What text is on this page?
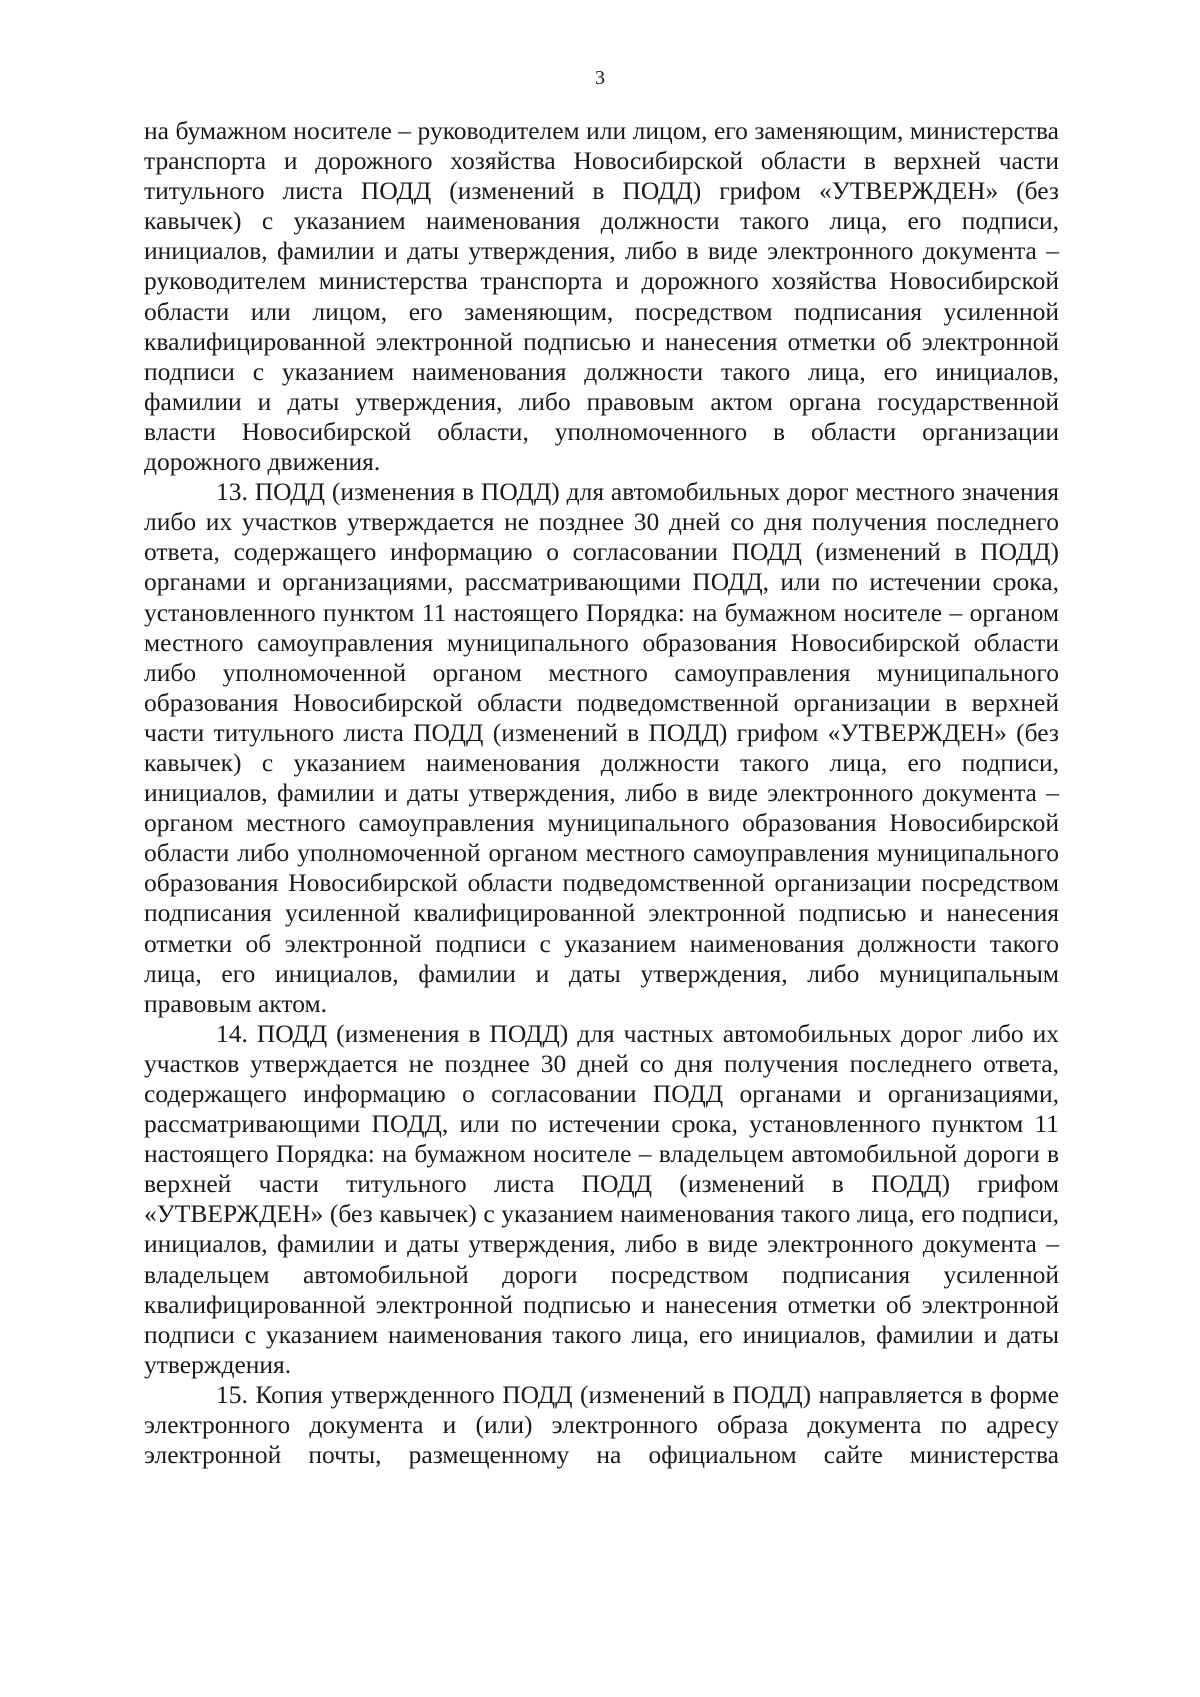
3

на бумажном носителе – руководителем или лицом, его заменяющим, министерства транспорта и дорожного хозяйства Новосибирской области в верхней части титульного листа ПОДД (изменений в ПОДД) грифом «УТВЕРЖДЕН» (без кавычек) с указанием наименования должности такого лица, его подписи, инициалов, фамилии и даты утверждения, либо в виде электронного документа – руководителем министерства транспорта и дорожного хозяйства Новосибирской области или лицом, его заменяющим, посредством подписания усиленной квалифицированной электронной подписью и нанесения отметки об электронной подписи с указанием наименования должности такого лица, его инициалов, фамилии и даты утверждения, либо правовым актом органа государственной власти Новосибирской области, уполномоченного в области организации дорожного движения.

13. ПОДД (изменения в ПОДД) для автомобильных дорог местного значения либо их участков утверждается не позднее 30 дней со дня получения последнего ответа, содержащего информацию о согласовании ПОДД (изменений в ПОДД) органами и организациями, рассматривающими ПОДД, или по истечении срока, установленного пунктом 11 настоящего Порядка: на бумажном носителе – органом местного самоуправления муниципального образования Новосибирской области либо уполномоченной органом местного самоуправления муниципального образования Новосибирской области подведомственной организации в верхней части титульного листа ПОДД (изменений в ПОДД) грифом «УТВЕРЖДЕН» (без кавычек) с указанием наименования должности такого лица, его подписи, инициалов, фамилии и даты утверждения, либо в виде электронного документа – органом местного самоуправления муниципального образования Новосибирской области либо уполномоченной органом местного самоуправления муниципального образования Новосибирской области подведомственной организации посредством подписания усиленной квалифицированной электронной подписью и нанесения отметки об электронной подписи с указанием наименования должности такого лица, его инициалов, фамилии и даты утверждения, либо муниципальным правовым актом.

14. ПОДД (изменения в ПОДД) для частных автомобильных дорог либо их участков утверждается не позднее 30 дней со дня получения последнего ответа, содержащего информацию о согласовании ПОДД органами и организациями, рассматривающими ПОДД, или по истечении срока, установленного пунктом 11 настоящего Порядка: на бумажном носителе – владельцем автомобильной дороги в верхней части титульного листа ПОДД (изменений в ПОДД) грифом «УТВЕРЖДЕН» (без кавычек) с указанием наименования такого лица, его подписи, инициалов, фамилии и даты утверждения, либо в виде электронного документа – владельцем автомобильной дороги посредством подписания усиленной квалифицированной электронной подписью и нанесения отметки об электронной подписи с указанием наименования такого лица, его инициалов, фамилии и даты утверждения.

15. Копия утвержденного ПОДД (изменений в ПОДД) направляется в форме электронного документа и (или) электронного образа документа по адресу электронной почты, размещенному на официальном сайте министерства
